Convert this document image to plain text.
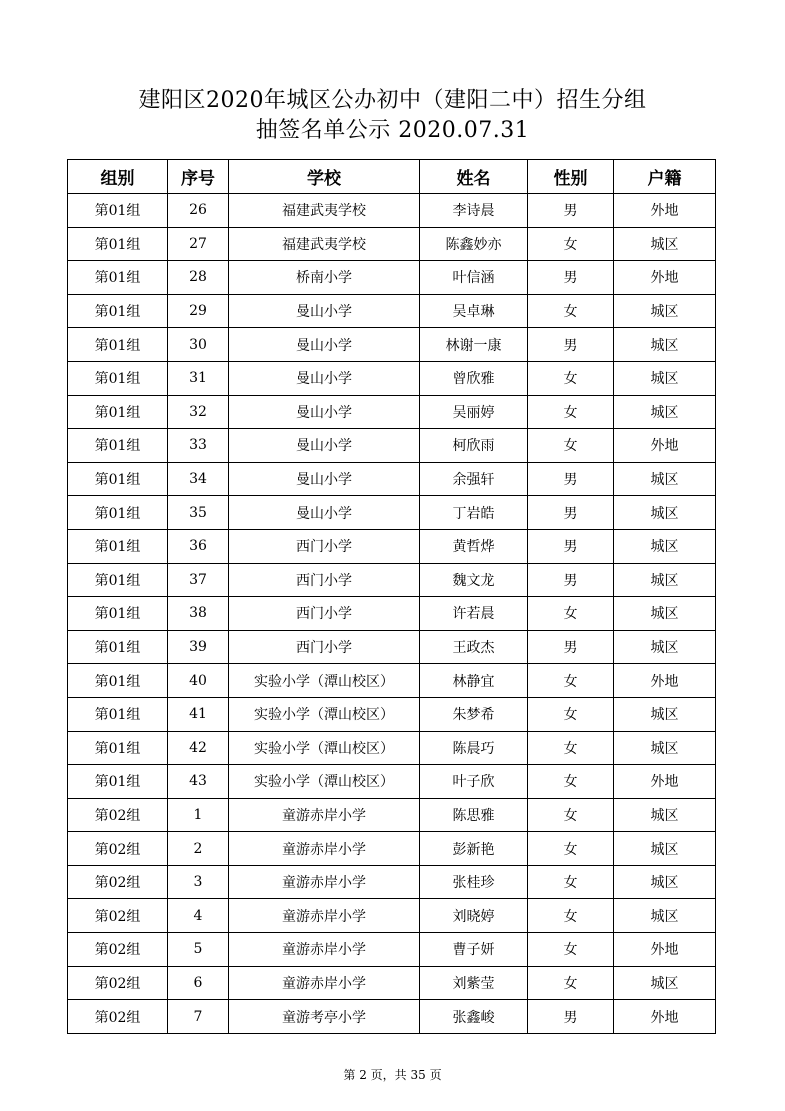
建阳区2020年城区公办初中（建阳二中）招生分组
抽签名单公示 2020.07.31
组别	序号	学校	姓名	性别	户籍
第01组	26	福建武夷学校	李诗晨	男	外地
第01组	27	福建武夷学校	陈鑫妙亦	女	城区
第01组	28	桥南小学	叶信涵	男	外地
第01组	29	曼山小学	吴卓琳	女	城区
第01组	30	曼山小学	林谢一康	男	城区
第01组	31	曼山小学	曾欣雅	女	城区
第01组	32	曼山小学	吴丽婷	女	城区
第01组	33	曼山小学	柯欣雨	女	外地
第01组	34	曼山小学	余强轩	男	城区
第01组	35	曼山小学	丁岩皓	男	城区
第01组	36	西门小学	黄哲烨	男	城区
第01组	37	西门小学	魏文龙	男	城区
第01组	38	西门小学	许若晨	女	城区
第01组	39	西门小学	王政杰	男	城区
第01组	40	实验小学（潭山校区）	林静宜	女	外地
第01组	41	实验小学（潭山校区）	朱梦希	女	城区
第01组	42	实验小学（潭山校区）	陈晨巧	女	城区
第01组	43	实验小学（潭山校区）	叶子欣	女	外地
第02组	1	童游赤岸小学	陈思雅	女	城区
第02组	2	童游赤岸小学	彭新艳	女	城区
第02组	3	童游赤岸小学	张桂珍	女	城区
第02组	4	童游赤岸小学	刘晓婷	女	城区
第02组	5	童游赤岸小学	曹子妍	女	外地
第02组	6	童游赤岸小学	刘紫莹	女	城区
第02组	7	童游考亭小学	张鑫峻	男	外地
第 2 页，共 35 页
